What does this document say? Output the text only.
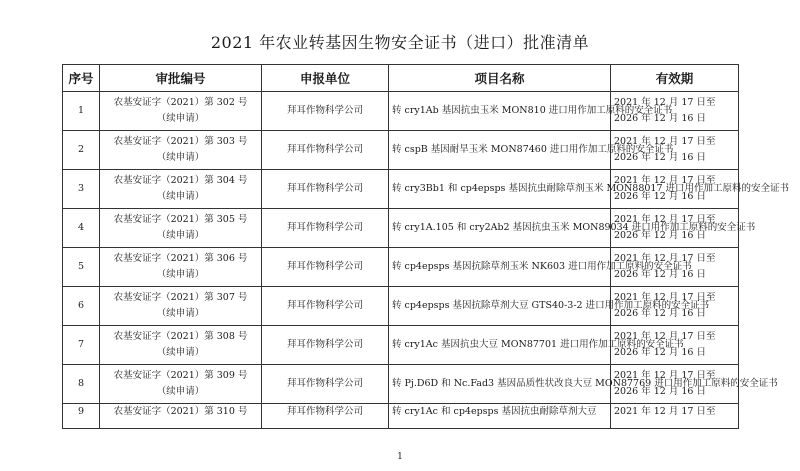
2021 年农业转基因生物安全证书（进口）批准清单
序号	审批编号	申报单位	项目名称	有效期
1	农基安证字（2021）第 302 号
（续申请）	拜耳作物科学公司	转 cry1Ab 基因抗虫玉米 MON810 进口用作加工原料的安全证书	2021 年 12 月 17 日至
2026 年 12 月 16 日

2	农基安证字（2021）第 303 号
（续申请）	拜耳作物科学公司	转 cspB 基因耐旱玉米 MON87460 进口用作加工原料的安全证书	2021 年 12 月 17 日至
2026 年 12 月 16 日

3	农基安证字（2021）第 304 号
（续申请）	拜耳作物科学公司	转 cry3Bb1 和 cp4epsps 基因抗虫耐除草剂玉米 MON88017 进口用作加工原料的安全证书	2021 年 12 月 17 日至
2026 年 12 月 16 日

4	农基安证字（2021）第 305 号
（续申请）	拜耳作物科学公司	转 cry1A.105 和 cry2Ab2 基因抗虫玉米 MON89034 进口用作加工原料的安全证书	2021 年 12 月 17 日至
2026 年 12 月 16 日

5	农基安证字（2021）第 306 号
（续申请）	拜耳作物科学公司	转 cp4epsps 基因抗除草剂玉米 NK603 进口用作加工原料的安全证书	2021 年 12 月 17 日至
2026 年 12 月 16 日

6	农基安证字（2021）第 307 号
（续申请）	拜耳作物科学公司	转 cp4epsps 基因抗除草剂大豆 GTS40-3-2 进口用作加工原料的安全证书	2021 年 12 月 17 日至
2026 年 12 月 16 日

7	农基安证字（2021）第 308 号
（续申请）	拜耳作物科学公司	转 cry1Ac 基因抗虫大豆 MON87701 进口用作加工原料的安全证书	2021 年 12 月 17 日至
2026 年 12 月 16 日

8	农基安证字（2021）第 309 号
（续申请）	拜耳作物科学公司	转 Pj.D6D 和 Nc.Fad3 基因品质性状改良大豆 MON87769 进口用作加工原料的安全证书	2021 年 12 月 17 日至
2026 年 12 月 16 日

9	农基安证字（2021）第 310 号	拜耳作物科学公司	转 cry1Ac 和 cp4epsps 基因抗虫耐除草剂大豆	2021 年 12 月 17 日至
1
